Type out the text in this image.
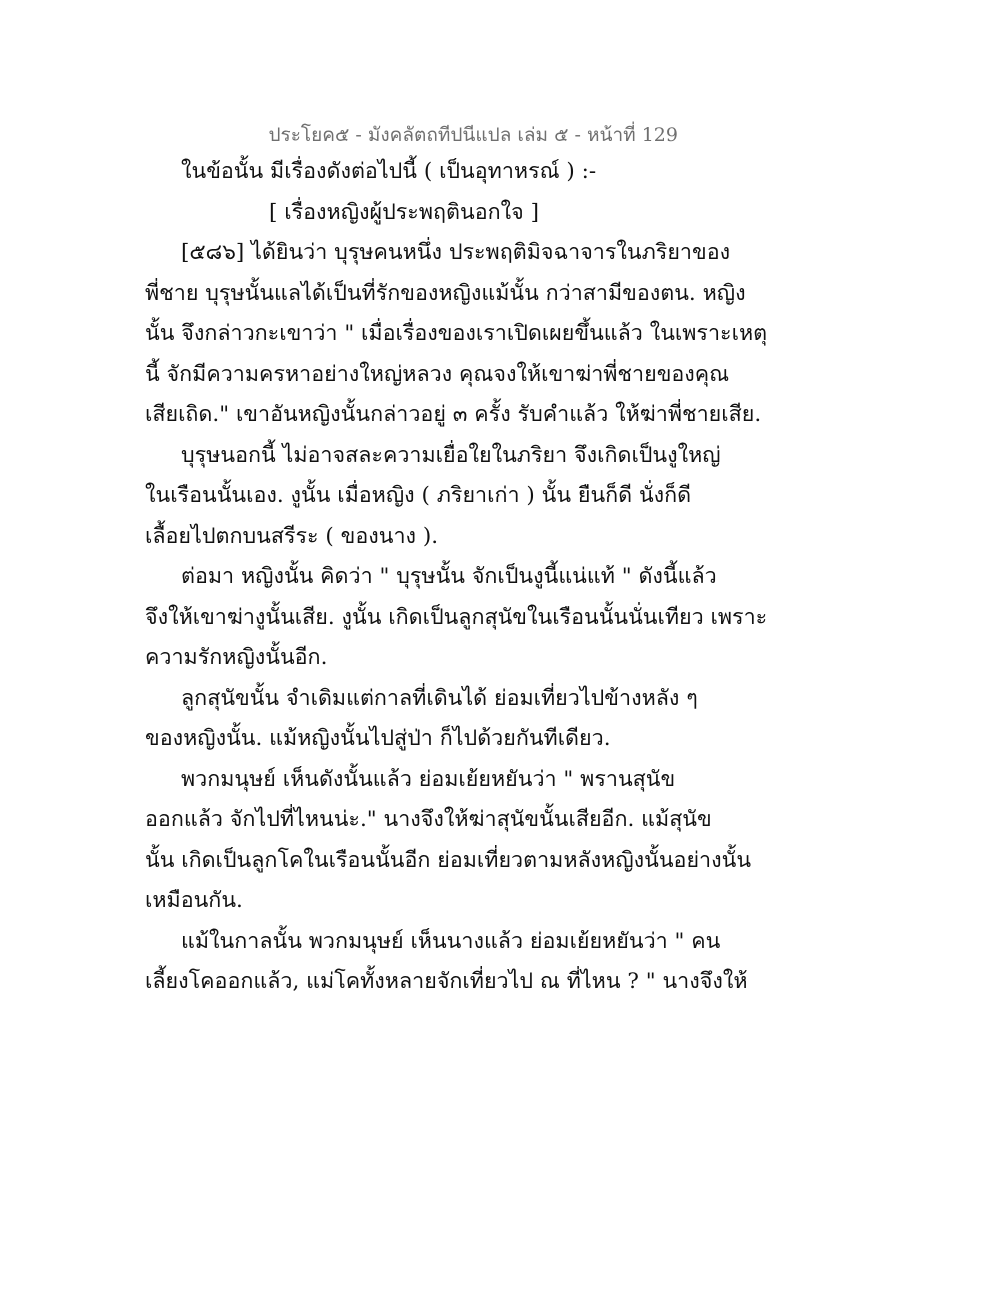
ประโยค๕ - มังคลัตถทีปนีแปล เล่ม ๕ - หน้าที่ 129
ในข้อนั้น มีเรื่องดังต่อไปนี้ ( เป็นอุทาหรณ์ ) :-
[ เรื่องหญิงผู้ประพฤตินอกใจ ]
[๕๘๖] ได้ยินว่า บุรุษคนหนึ่ง ประพฤติมิจฉาจารในภริยาของ
พี่ชาย บุรุษนั้นแลได้เป็นที่รักของหญิงแม้นั้น กว่าสามีของตน. หญิง
นั้น จึงกล่าวกะเขาว่า " เมื่อเรื่องของเราเปิดเผยขึ้นแล้ว ในเพราะเหตุ
นี้ จักมีความครหาอย่างใหญ่หลวง คุณจงให้เขาฆ่าพี่ชายของคุณ
เสียเถิด." เขาอันหญิงนั้นกล่าวอยู่ ๓ ครั้ง รับคำแล้ว ให้ฆ่าพี่ชายเสีย.
บุรุษนอกนี้ ไม่อาจสละความเยื่อใยในภริยา จึงเกิดเป็นงูใหญ่
ในเรือนนั้นเอง. งูนั้น เมื่อหญิง ( ภริยาเก่า ) นั้น ยืนก็ดี นั่งก็ดี
เลื้อยไปตกบนสรีระ ( ของนาง ).
ต่อมา หญิงนั้น คิดว่า " บุรุษนั้น จักเป็นงูนี้แน่แท้ " ดังนี้แล้ว
จึงให้เขาฆ่างูนั้นเสีย. งูนั้น เกิดเป็นลูกสุนัขในเรือนนั้นนั่นเทียว เพราะ
ความรักหญิงนั้นอีก.
ลูกสุนัขนั้น จำเดิมแต่กาลที่เดินได้ ย่อมเที่ยวไปข้างหลัง ๆ
ของหญิงนั้น. แม้หญิงนั้นไปสู่ป่า ก็ไปด้วยกันทีเดียว.
พวกมนุษย์ เห็นดังนั้นแล้ว ย่อมเย้ยหยันว่า " พรานสุนัข
ออกแล้ว จักไปที่ไหนน่ะ." นางจึงให้ฆ่าสุนัขนั้นเสียอีก. แม้สุนัข
นั้น เกิดเป็นลูกโคในเรือนนั้นอีก ย่อมเที่ยวตามหลังหญิงนั้นอย่างนั้น
เหมือนกัน.
แม้ในกาลนั้น พวกมนุษย์ เห็นนางแล้ว ย่อมเย้ยหยันว่า " คน
เลี้ยงโคออกแล้ว, แม่โคทั้งหลายจักเที่ยวไป ณ ที่ไหน ? " นางจึงให้
